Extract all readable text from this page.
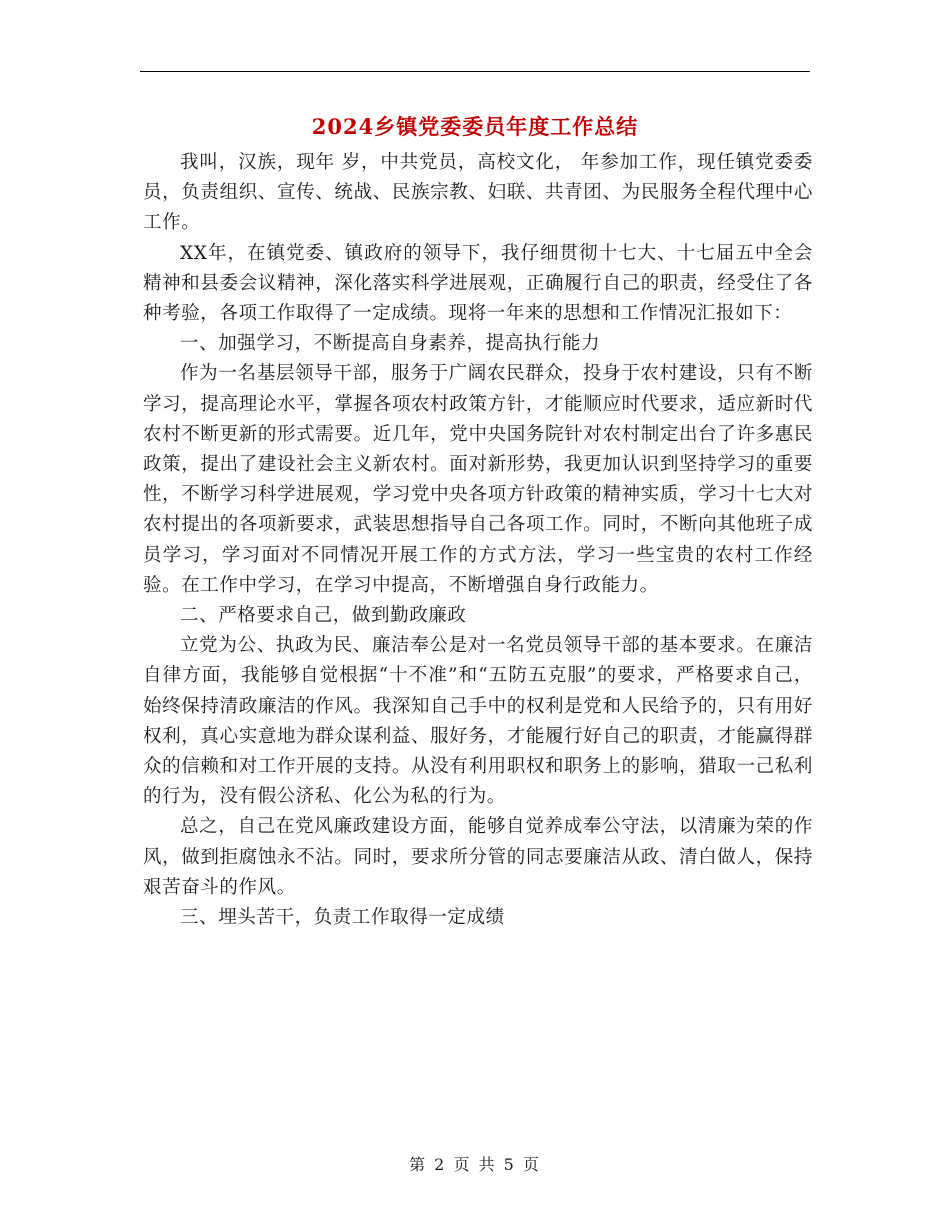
2024乡镇党委委员年度工作总结

我叫，汉族，现年 岁，中共党员，高校文化， 年参加工作，现任镇党委委员，负责组织、宣传、统战、民族宗教、妇联、共青团、为民服务全程代理中心工作。

XX年，在镇党委、镇政府的领导下，我仔细贯彻十七大、十七届五中全会精神和县委会议精神，深化落实科学进展观，正确履行自己的职责，经受住了各种考验，各项工作取得了一定成绩。现将一年来的思想和工作情况汇报如下：

一、加强学习，不断提高自身素养，提高执行能力

作为一名基层领导干部，服务于广阔农民群众，投身于农村建设，只有不断学习，提高理论水平，掌握各项农村政策方针，才能顺应时代要求，适应新时代农村不断更新的形式需要。近几年，党中央国务院针对农村制定出台了许多惠民政策，提出了建设社会主义新农村。面对新形势，我更加认识到坚持学习的重要性，不断学习科学进展观，学习党中央各项方针政策的精神实质，学习十七大对农村提出的各项新要求，武装思想指导自己各项工作。同时，不断向其他班子成员学习，学习面对不同情况开展工作的方式方法，学习一些宝贵的农村工作经验。在工作中学习，在学习中提高，不断增强自身行政能力。

二、严格要求自己，做到勤政廉政

立党为公、执政为民、廉洁奉公是对一名党员领导干部的基本要求。在廉洁自律方面，我能够自觉根据“十不准”和“五防五克服”的要求，严格要求自己，始终保持清政廉洁的作风。我深知自己手中的权利是党和人民给予的，只有用好权利，真心实意地为群众谋利益、服好务，才能履行好自己的职责，才能赢得群众的信赖和对工作开展的支持。从没有利用职权和职务上的影响，猎取一己私利的行为，没有假公济私、化公为私的行为。

总之，自己在党风廉政建设方面，能够自觉养成奉公守法，以清廉为荣的作风，做到拒腐蚀永不沾。同时，要求所分管的同志要廉洁从政、清白做人，保持艰苦奋斗的作风。

三、埋头苦干，负责工作取得一定成绩

第 2 页 共 5 页
